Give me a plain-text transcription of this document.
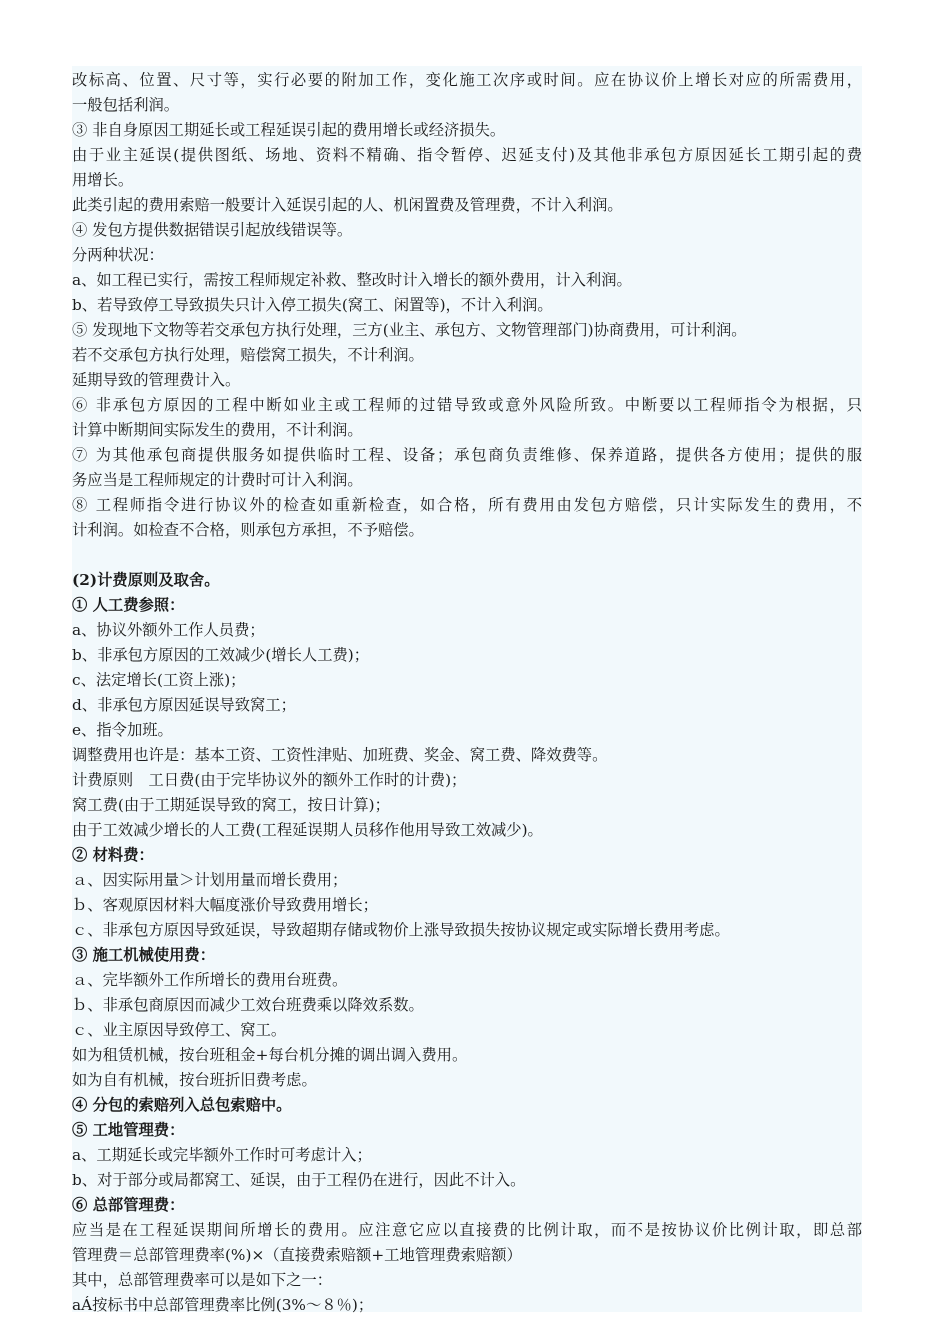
改标高、位置、尺寸等，实行必要的附加工作，变化施工次序或时间。应在协议价上增长对应的所需费用，
一般包括利润。
③ 非自身原因工期延长或工程延误引起的费用增长或经济损失。
由于业主延误(提供图纸、场地、资料不精确、指令暂停、迟延支付)及其他非承包方原因延长工期引起的费
用增长。
此类引起的费用索赔一般要计入延误引起的人、机闲置费及管理费，不计入利润。
④ 发包方提供数据错误引起放线错误等。
分两种状况：
a、如工程已实行，需按工程师规定补救、整改时计入增长的额外费用，计入利润。
b、若导致停工导致损失只计入停工损失(窝工、闲置等)，不计入利润。
⑤ 发现地下文物等若交承包方执行处理，三方(业主、承包方、文物管理部门)协商费用，可计利润。
若不交承包方执行处理，赔偿窝工损失，不计利润。
延期导致的管理费计入。
⑥ 非承包方原因的工程中断如业主或工程师的过错导致或意外风险所致。中断要以工程师指令为根据，只
计算中断期间实际发生的费用，不计利润。
⑦ 为其他承包商提供服务如提供临时工程、设备；承包商负责维修、保养道路，提供各方使用；提供的服
务应当是工程师规定的计费时可计入利润。
⑧ 工程师指令进行协议外的检查如重新检查，如合格，所有费用由发包方赔偿，只计实际发生的费用，不
计利润。如检查不合格，则承包方承担，不予赔偿。
(2)计费原则及取舍。
① 人工费参照：
a、协议外额外工作人员费；
b、非承包方原因的工效减少(增长人工费)；
c、法定增长(工资上涨)；
d、非承包方原因延误导致窝工；
e、指令加班。
调整费用也许是：基本工资、工资性津贴、加班费、奖金、窝工费、降效费等。
计费原则　工日费(由于完毕协议外的额外工作时的计费)；
窝工费(由于工期延误导致的窝工，按日计算)；
由于工效减少增长的人工费(工程延误期人员移作他用导致工效减少)。
② 材料费：
ａ、因实际用量＞计划用量而增长费用；
ｂ、客观原因材料大幅度涨价导致费用增长；
ｃ、非承包方原因导致延误，导致超期存储或物价上涨导致损失按协议规定或实际增长费用考虑。
③ 施工机械使用费：
ａ、完毕额外工作所增长的费用台班费。
ｂ、非承包商原因而减少工效台班费乘以降效系数。
ｃ、业主原因导致停工、窝工。
如为租赁机械，按台班租金+每台机分摊的调出调入费用。
如为自有机械，按台班折旧费考虑。
④ 分包的索赔列入总包索赔中。
⑤ 工地管理费：
a、工期延长或完毕额外工作时可考虑计入；
b、对于部分或局都窝工、延误，由于工程仍在进行，因此不计入。
⑥ 总部管理费：
应当是在工程延误期间所增长的费用。应注意它应以直接费的比例计取，而不是按协议价比例计取，即总部
管理费＝总部管理费率(%)×（直接费索赔额+工地管理费索赔额）
其中，总部管理费率可以是如下之一：
aÁ按标书中总部管理费率比例(3%～８％)；
